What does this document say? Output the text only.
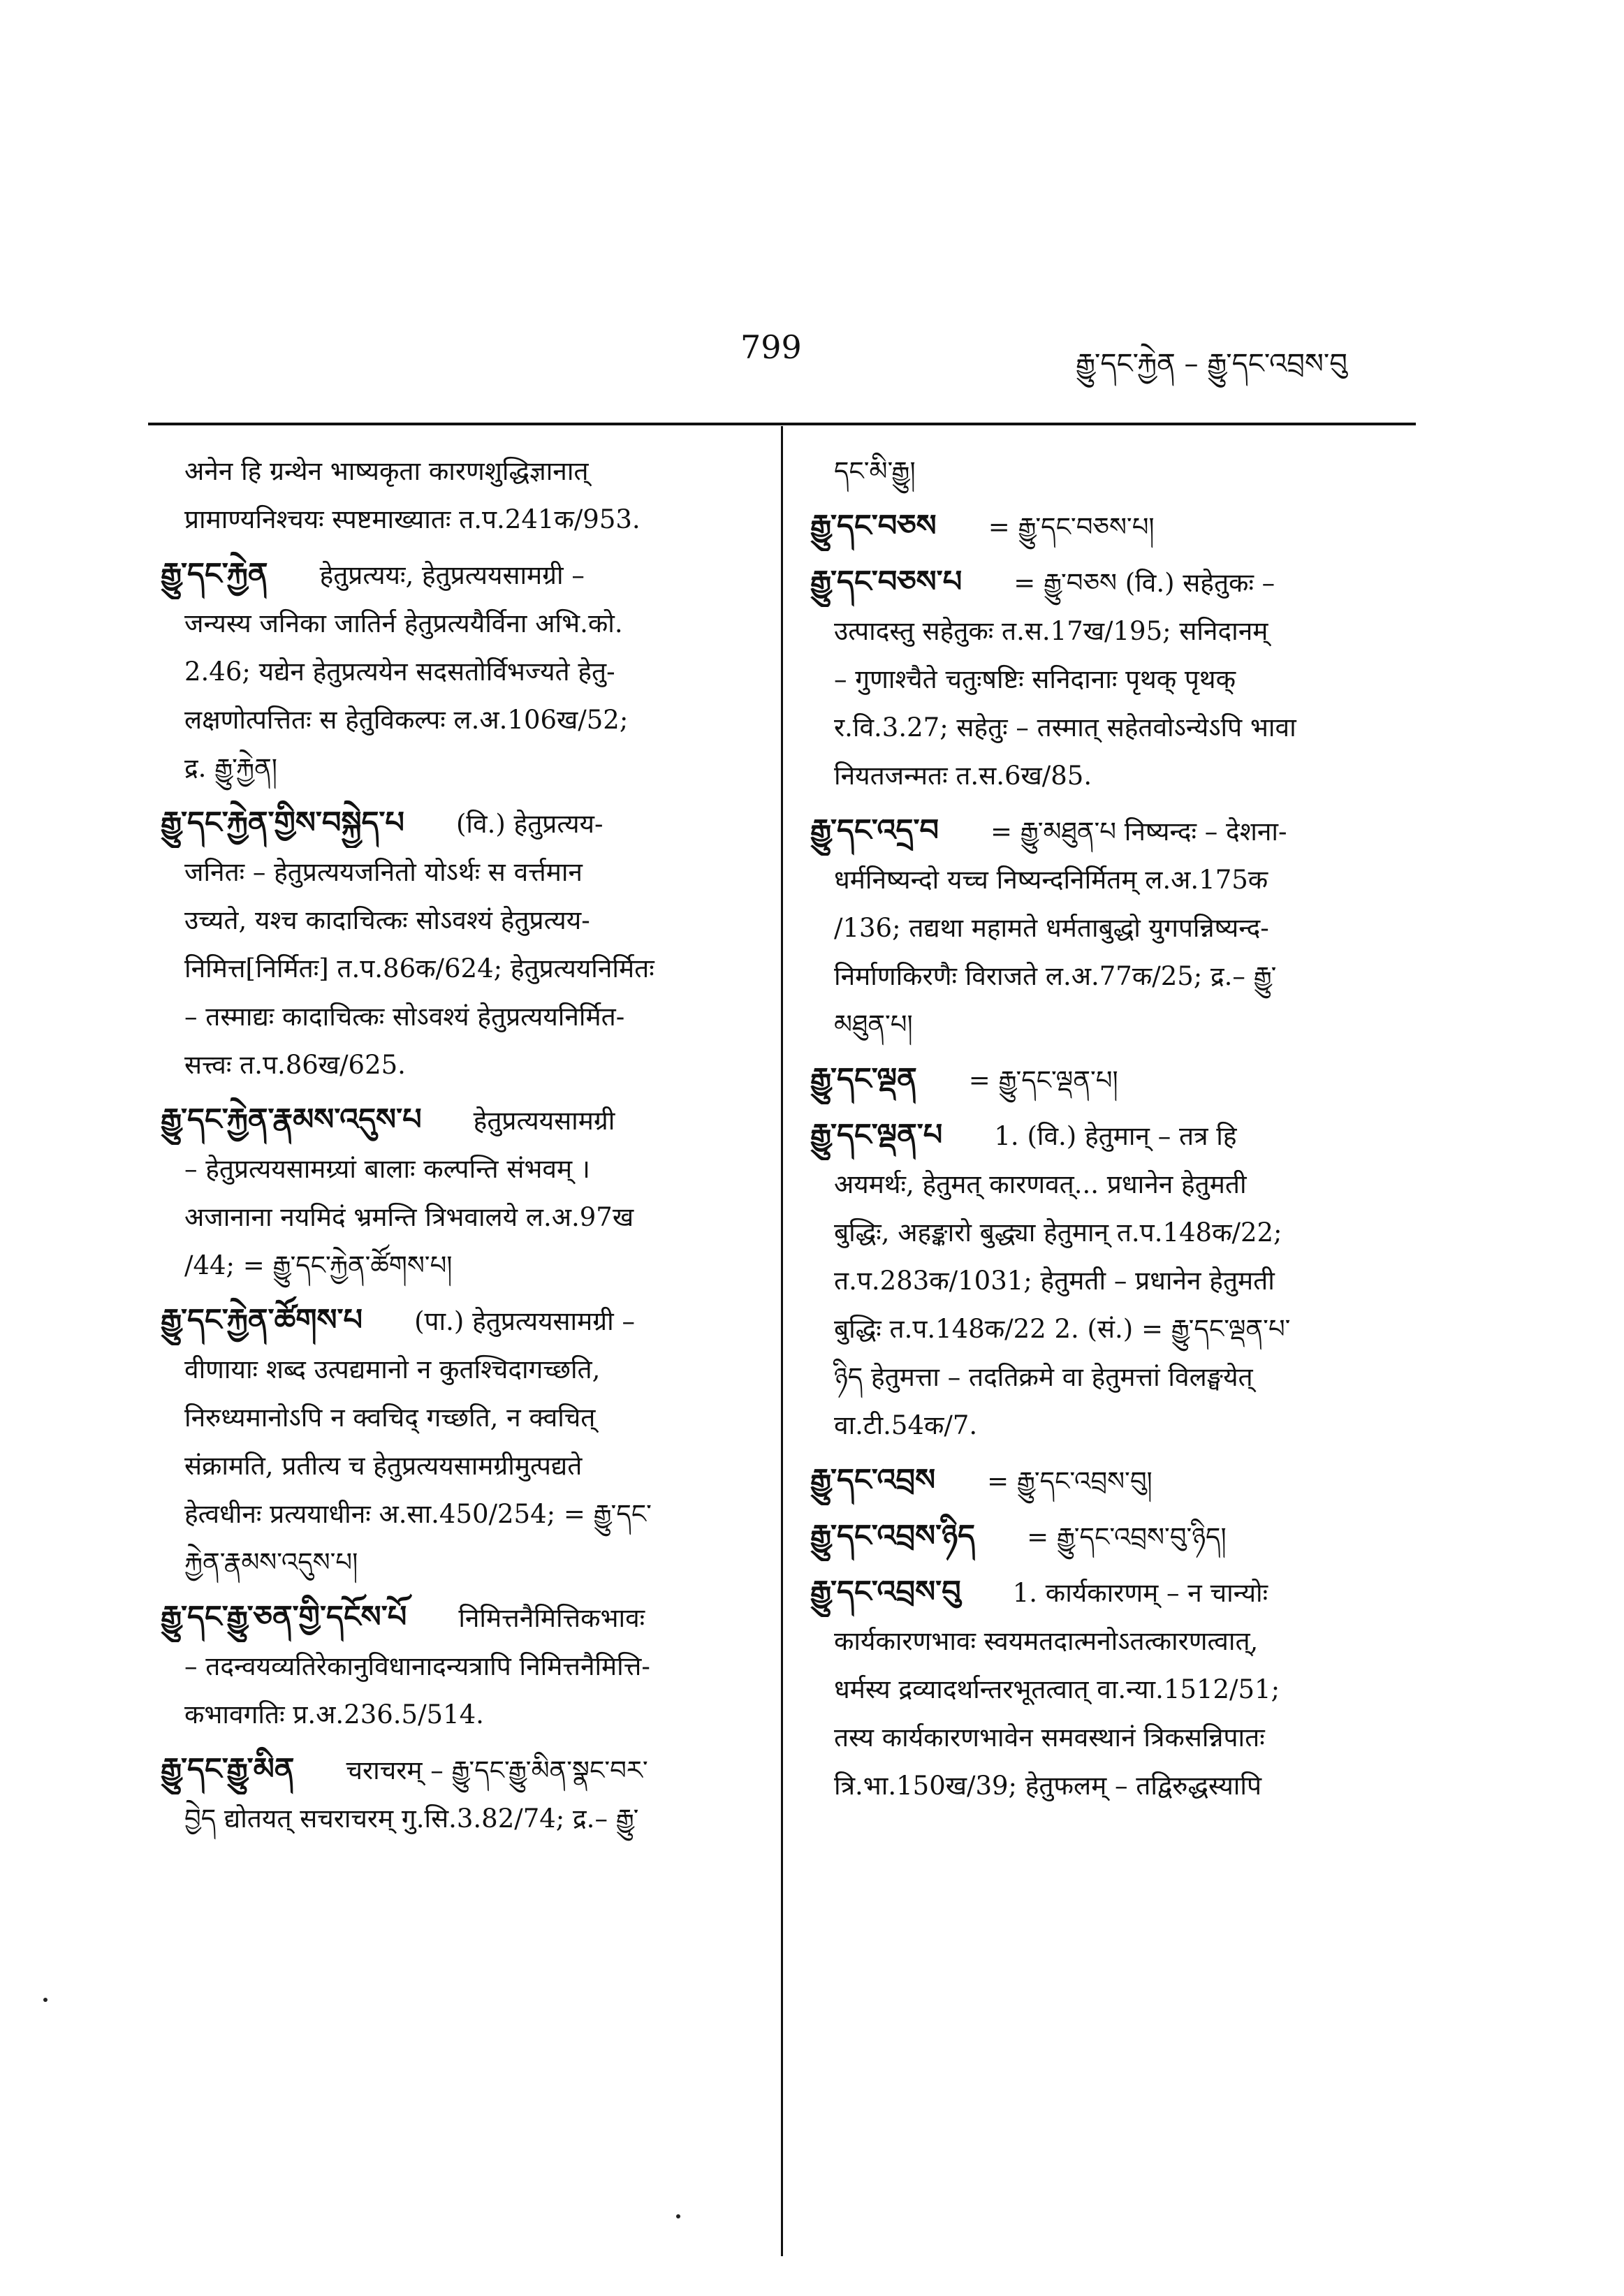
799	རྒྱུ་དང་རྐྱེན – རྒྱུ་དང་འབྲས་བུ
अनेन हि ग्रन्थेन भाष्यकृता कारणशुद्धिज्ञानात्
प्रामाण्यनिश्चयः स्पष्टमाख्यातः त.प.241क/953.
རྒྱུ་དང་རྐྱེན   हेतुप्रत्ययः, हेतुप्रत्ययसामग्री –
जन्यस्य जनिका जातिर्न हेतुप्रत्ययैर्विना अभि.को.
2.46; यद्येन हेतुप्रत्ययेन सदसतोर्विभज्यते हेतु-
लक्षणोत्पत्तितः स हेतुविकल्पः ल.अ.106ख/52;
द्र. རྒྱུ་རྐྱེན།
རྒྱུ་དང་རྐྱེན་གྱིས་བསྐྱེད་པ   (वि.) हेतुप्रत्यय-
जनितः – हेतुप्रत्ययजनितो योऽर्थः स वर्त्तमान
उच्यते, यश्च कादाचित्कः सोऽवश्यं हेतुप्रत्यय-
निमित्त[निर्मितः] त.प.86क/624; हेतुप्रत्ययनिर्मितः
– तस्माद्यः कादाचित्कः सोऽवश्यं हेतुप्रत्ययनिर्मित-
सत्त्वः त.प.86ख/625.
རྒྱུ་དང་རྐྱེན་རྣམས་འདུས་པ   हेतुप्रत्ययसामग्री
– हेतुप्रत्ययसामग्र्यां बालाः कल्पन्ति संभवम् ।
अजानाना नयमिदं भ्रमन्ति त्रिभवालये ल.अ.97ख
/44; = རྒྱུ་དང་རྐྱེན་ཚོགས་པ།
རྒྱུ་དང་རྐྱེན་ཚོགས་པ   (पा.) हेतुप्रत्ययसामग्री –
वीणायाः शब्द उत्पद्यमानो न कुतश्चिदागच्छति,
निरुध्यमानोऽपि न क्वचिद् गच्छति, न क्वचित्
संक्रामति, प्रतीत्य च हेतुप्रत्ययसामग्रीमुत्पद्यते
हेत्वधीनः प्रत्ययाधीनः अ.सा.450/254; = རྒྱུ་དང་
རྐྱེན་རྣམས་འདུས་པ།
རྒྱུ་དང་རྒྱུ་ཅན་གྱི་དངོས་པོ   निमित्तनैमित्तिकभावः
– तदन्वयव्यतिरेकानुविधानादन्यत्रापि निमित्तनैमित्ति-
कभावगतिः प्र.अ.236.5/514.
རྒྱུ་དང་རྒྱུ་མིན   चराचरम् – རྒྱུ་དང་རྒྱུ་མིན་སྣང་བར་
བྱེད द्योतयत् सचराचरम् गु.सि.3.82/74; द्र.– རྒྱུ་
དང་མི་རྒྱུ།
རྒྱུ་དང་བཅས   = རྒྱུ་དང་བཅས་པ།
རྒྱུ་དང་བཅས་པ   = རྒྱུ་བཅས (वि.) सहेतुकः –
उत्पादस्तु सहेतुकः त.स.17ख/195; सनिदानम्
– गुणाश्चैते चतुःषष्टिः सनिदानाः पृथक् पृथक्
र.वि.3.27; सहेतुः – तस्मात् सहेतवोऽन्येऽपि भावा
नियतजन्मतः त.स.6ख/85.
རྒྱུ་དང་འདྲ་བ   = རྒྱུ་མཐུན་པ निष्यन्दः – देशना-
धर्मनिष्यन्दो यच्च निष्यन्दनिर्मितम् ल.अ.175क
/136; तद्यथा महामते धर्मताबुद्धो युगपन्निष्यन्द-
निर्माणकिरणैः विराजते ल.अ.77क/25; द्र.– རྒྱུ་
མཐུན་པ།
རྒྱུ་དང་ལྡན   = རྒྱུ་དང་ལྡན་པ།
རྒྱུ་དང་ལྡན་པ   1. (वि.) हेतुमान् – तत्र हि
अयमर्थः, हेतुमत् कारणवत्... प्रधानेन हेतुमती
बुद्धिः, अहङ्कारो बुद्ध्या हेतुमान् त.प.148क/22;
त.प.283क/1031; हेतुमती – प्रधानेन हेतुमती
बुद्धिः त.प.148क/22 2. (सं.) = རྒྱུ་དང་ལྡན་པ་
ཉིད हेतुमत्ता – तदतिक्रमे वा हेतुमत्तां विलङ्घयेत्
वा.टी.54क/7.
རྒྱུ་དང་འབྲས   = རྒྱུ་དང་འབྲས་བུ།
རྒྱུ་དང་འབྲས་ཉིད   = རྒྱུ་དང་འབྲས་བུ་ཉིད།
རྒྱུ་དང་འབྲས་བུ   1. कार्यकारणम् – न चान्योः
कार्यकारणभावः स्वयमतदात्मनोऽतत्कारणत्वात्,
धर्मस्य द्रव्यादर्थान्तरभूतत्वात् वा.न्या.1512/51;
तस्य कार्यकारणभावेन समवस्थानं त्रिकसन्निपातः
त्रि.भा.150ख/39; हेतुफलम् – तद्विरुद्धस्यापि
